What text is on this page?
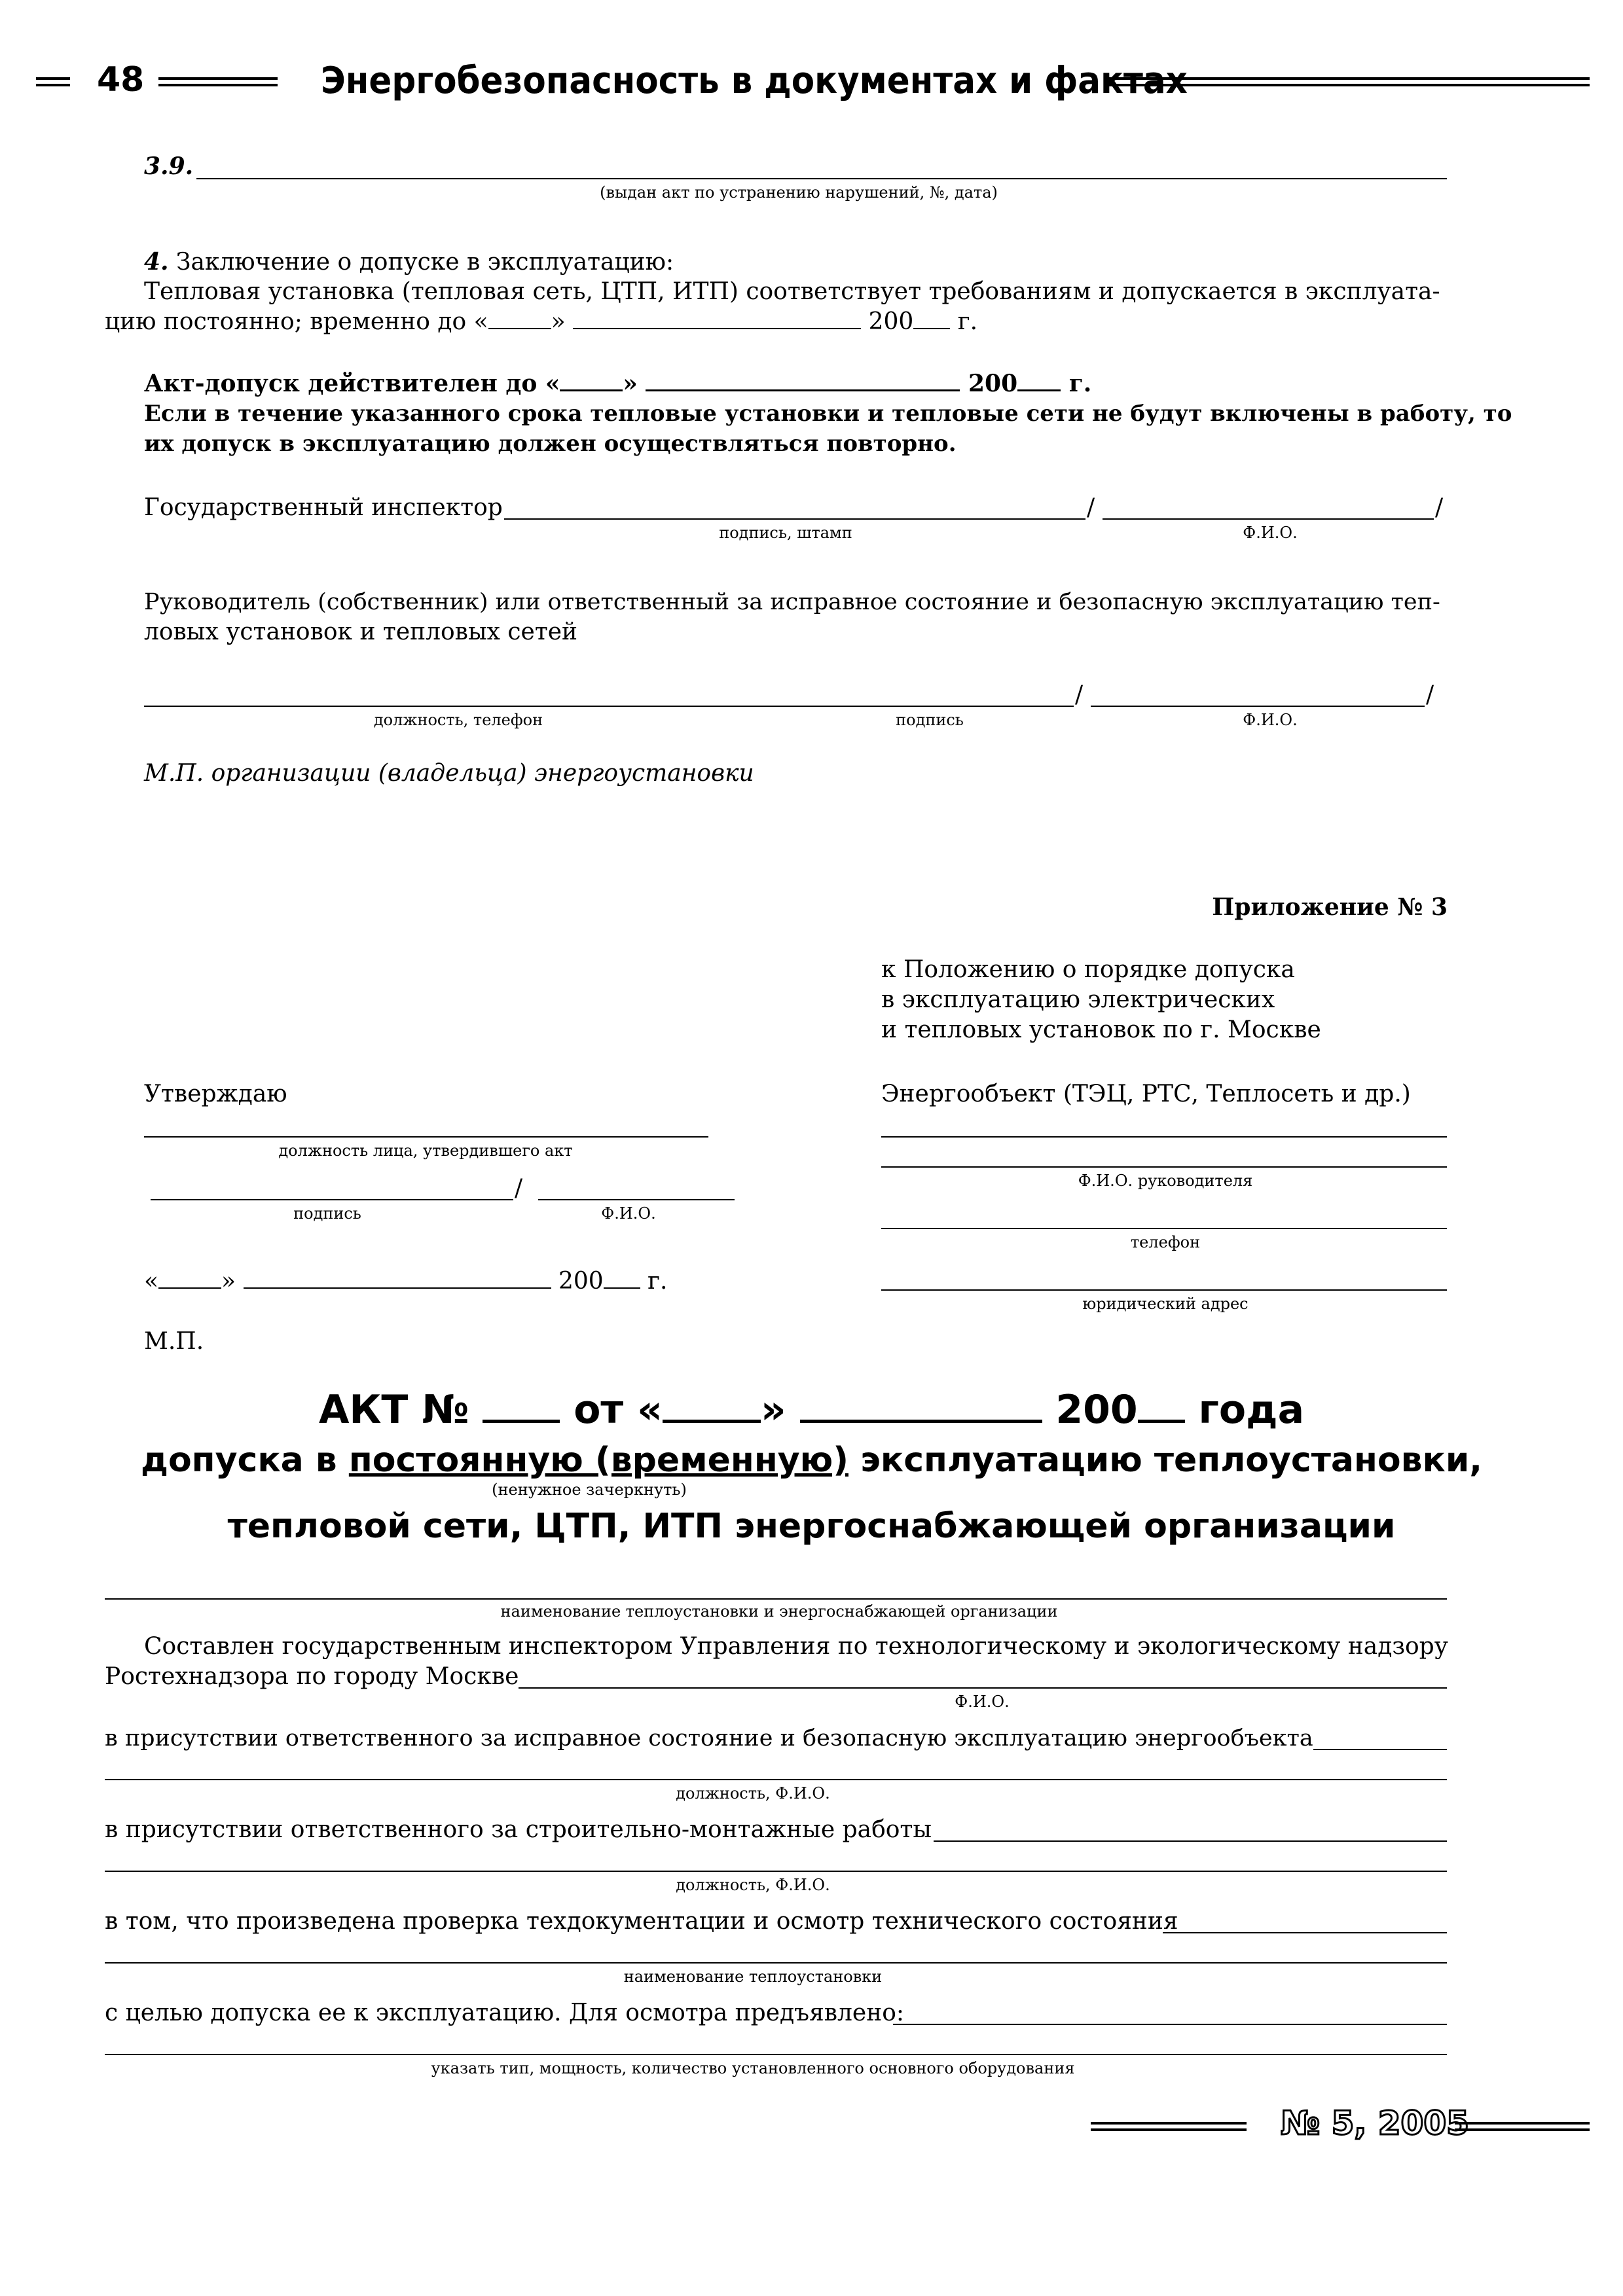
48	Энергобезопасность в документах и фактах
3.9.
(выдан акт по устранению нарушений, №, дата)
4. Заключение о допуске в эксплуатацию:
Тепловая установка (тепловая сеть, ЦТП, ИТП) соответствует требованиям и допускается в эксплуата-
цию постоянно; временно до «	»	200 г.
Акт-допуск действителен до «	»	200 г.
Если в течение указанного срока тепловые установки и тепловые сети не будут включены в работу, то
их допуск в эксплуатацию должен осуществляться повторно.
Государственный инспектор	/	/
подпись, штамп	Ф.И.О.
Руководитель (собственник) или ответственный за исправное состояние и безопасную эксплуатацию теп-
ловых установок и тепловых сетей
/	/
должность, телефон	подпись	Ф.И.О.
М.П. организации (владельца) энергоустановки
Приложение № 3
к Положению о порядке допуска
в эксплуатацию электрических
и тепловых установок по г. Москве
Утверждаю
должность лица, утвердившего акт
/
подпись	Ф.И.О.
«	»	200 г.
М.П.
Энергообъект (ТЭЦ, РТС, Теплосеть и др.)
Ф.И.О. руководителя
телефон
юридический адрес
АКТ №	от «	»	200 года
допуска в постоянную (временную) эксплуатацию теплоустановки,
(ненужное зачеркнуть)
тепловой сети, ЦТП, ИТП энергоснабжающей организации
наименование теплоустановки и энергоснабжающей организации
Составлен государственным инспектором Управления по технологическому и экологическому надзору
Ростехнадзора по городу Москве
Ф.И.О.
в присутствии ответственного за исправное состояние и безопасную эксплуатацию энергообъекта
должность, Ф.И.О.
в присутствии ответственного за строительно-монтажные работы
должность, Ф.И.О.
в том, что произведена проверка техдокументации и осмотр технического состояния
наименование теплоустановки
с целью допуска ее к эксплуатацию. Для осмотра предъявлено:
указать тип, мощность, количество установленного основного оборудования
№ 5, 2005
